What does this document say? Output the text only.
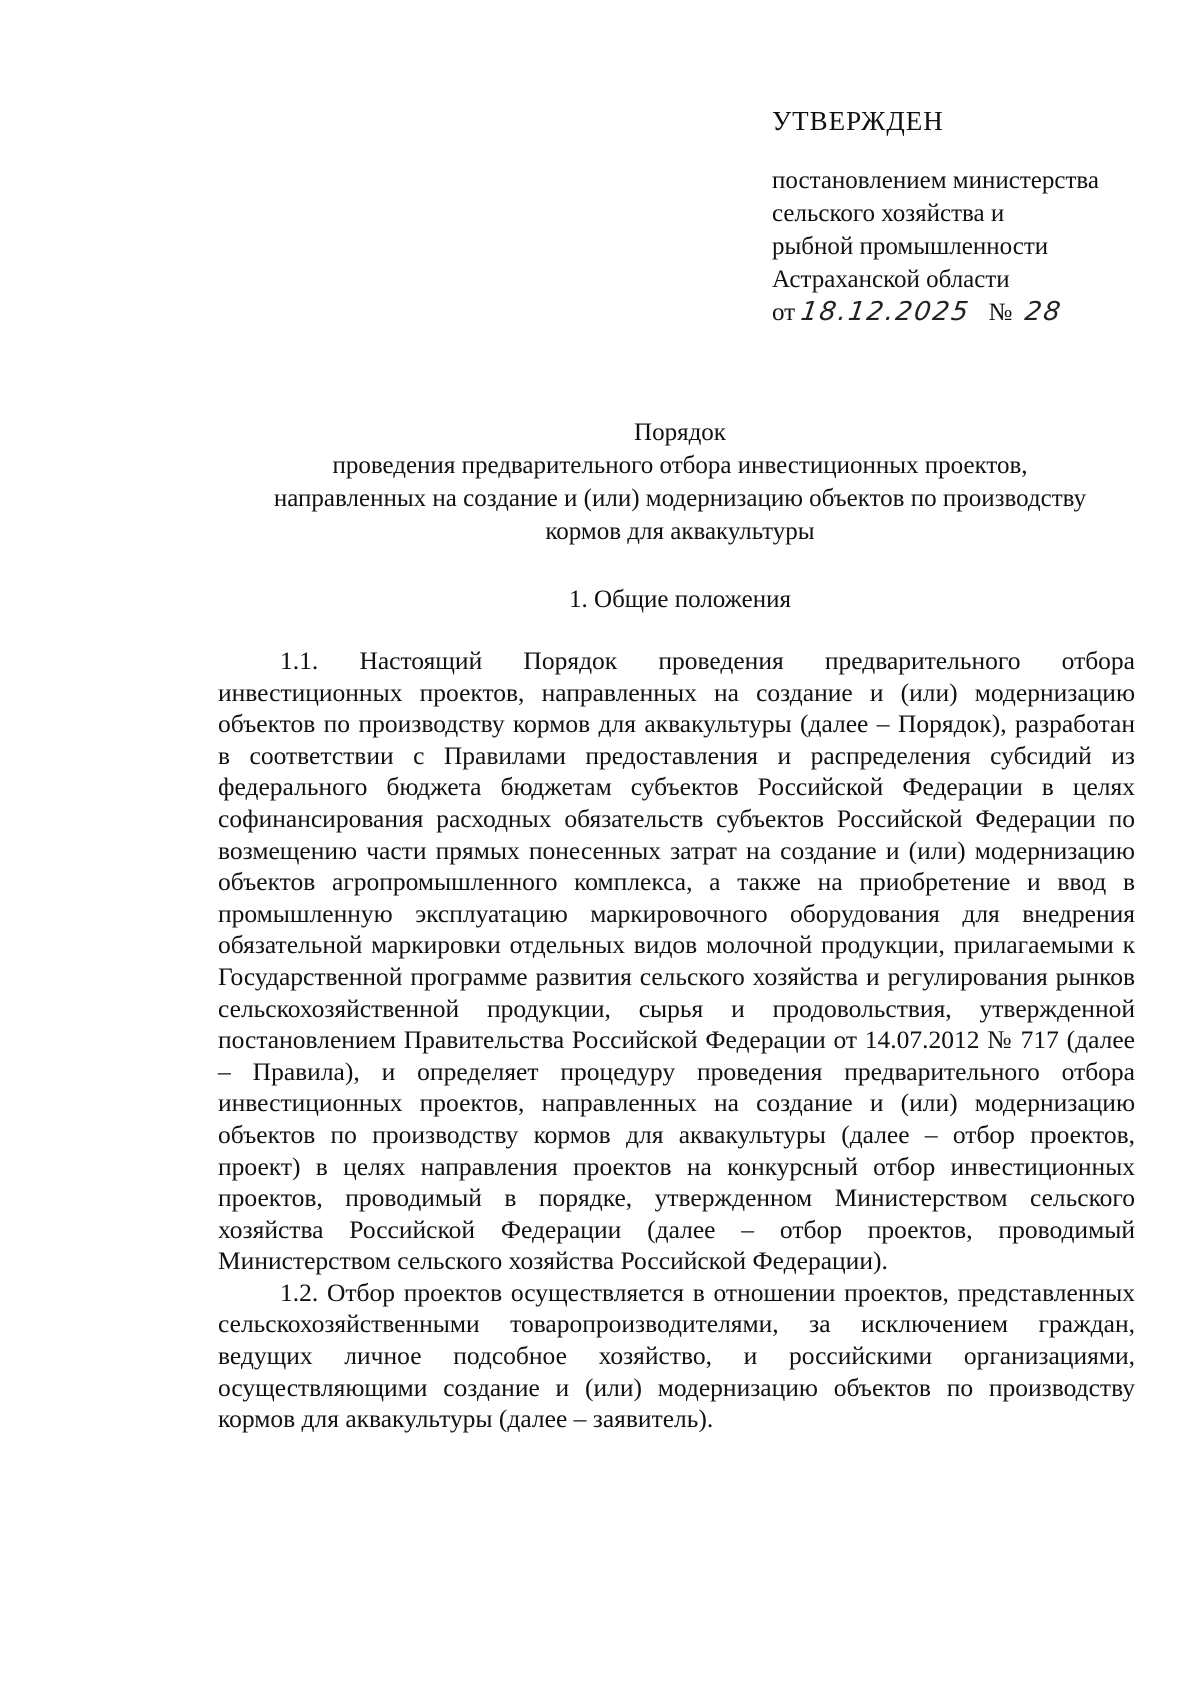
УТВЕРЖДЕН
постановлением министерства
сельского хозяйства и
рыбной промышленности
Астраханской области
от 18.12.2025 № 28
Порядок
проведения предварительного отбора инвестиционных проектов,
направленных на создание и (или) модернизацию объектов по производству
кормов для аквакультуры
1. Общие положения

1.1. Настоящий Порядок проведения предварительного отбора инвестиционных проектов, направленных на создание и (или) модернизацию объектов по производству кормов для аквакультуры (далее – Порядок), разработан в соответствии с Правилами предоставления и распределения субсидий из федерального бюджета бюджетам субъектов Российской Федерации в целях софинансирования расходных обязательств субъектов Российской Федерации по возмещению части прямых понесенных затрат на создание и (или) модернизацию объектов агропромышленного комплекса, а также на приобретение и ввод в промышленную эксплуатацию маркировочного оборудования для внедрения обязательной маркировки отдельных видов молочной продукции, прилагаемыми к Государственной программе развития сельского хозяйства и регулирования рынков сельскохозяйственной продукции, сырья и продовольствия, утвержденной постановлением Правительства Российской Федерации от 14.07.2012 № 717 (далее – Правила), и определяет процедуру проведения предварительного отбора инвестиционных проектов, направленных на создание и (или) модернизацию объектов по производству кормов для аквакультуры (далее – отбор проектов, проект) в целях направления проектов на конкурсный отбор инвестиционных проектов, проводимый в порядке, утвержденном Министерством сельского хозяйства Российской Федерации (далее – отбор проектов, проводимый Министерством сельского хозяйства Российской Федерации).

1.2. Отбор проектов осуществляется в отношении проектов, представленных сельскохозяйственными товаропроизводителями, за исключением граждан, ведущих личное подсобное хозяйство, и российскими организациями, осуществляющими создание и (или) модернизацию объектов по производству кормов для аквакультуры (далее – заявитель).
